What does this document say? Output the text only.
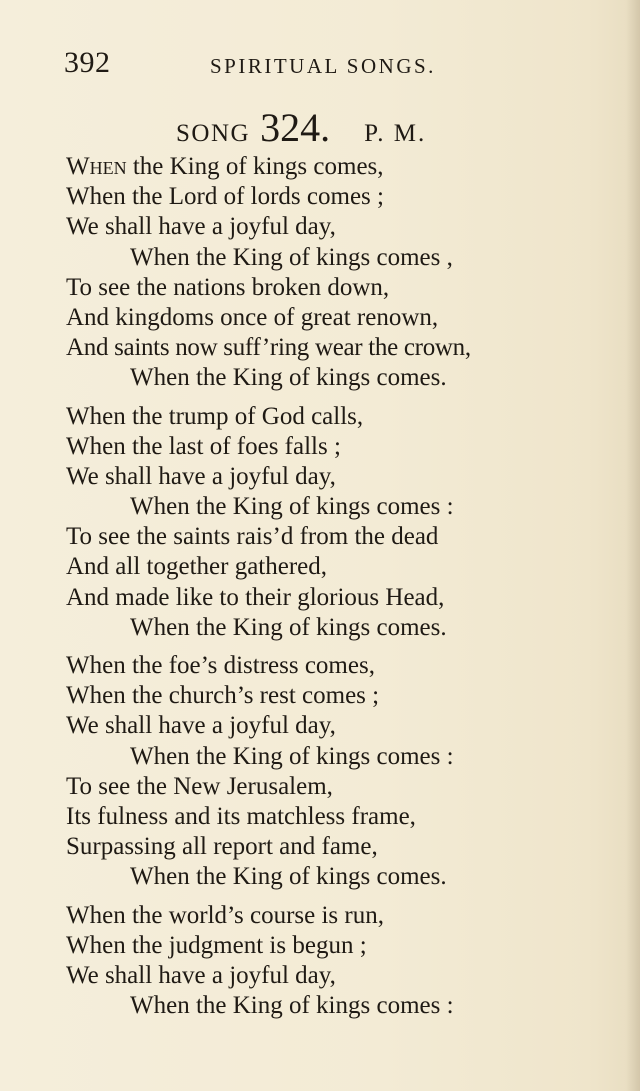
392	SPIRITUAL SONGS.
SONG 324. P. M.
When the King of kings comes,
When the Lord of lords comes ;
We shall have a joyful day,
When the King of kings comes ,
To see the nations broken down,
And kingdoms once of great renown,
And saints now suff’ring wear the crown,
When the King of kings comes.
When the trump of God calls,
When the last of foes falls ;
We shall have a joyful day,
When the King of kings comes :
To see the saints rais’d from the dead
And all together gathered,
And made like to their glorious Head,
When the King of kings comes.
When the foe’s distress comes,
When the church’s rest comes ;
We shall have a joyful day,
When the King of kings comes :
To see the New Jerusalem,
Its fulness and its matchless frame,
Surpassing all report and fame,
When the King of kings comes.
When the world’s course is run,
When the judgment is begun ;
We shall have a joyful day,
When the King of kings comes :
